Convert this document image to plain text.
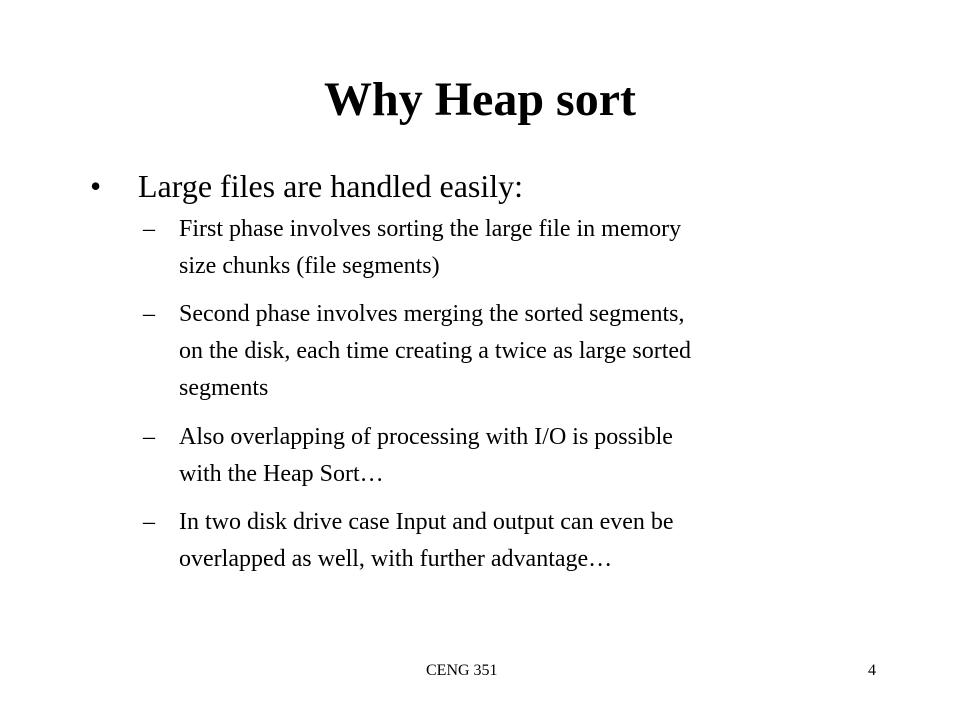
Why Heap sort
•	Large files are handled easily:
–	First phase involves sorting the large file in memory
size chunks (file segments)
–	Second phase involves merging the sorted segments,
on the disk, each time creating a twice as large sorted
segments
–	Also overlapping of processing with I/O is possible
with the Heap Sort…
–	In two disk drive case Input and output can even be
overlapped as well, with further advantage…
CENG 351	4
